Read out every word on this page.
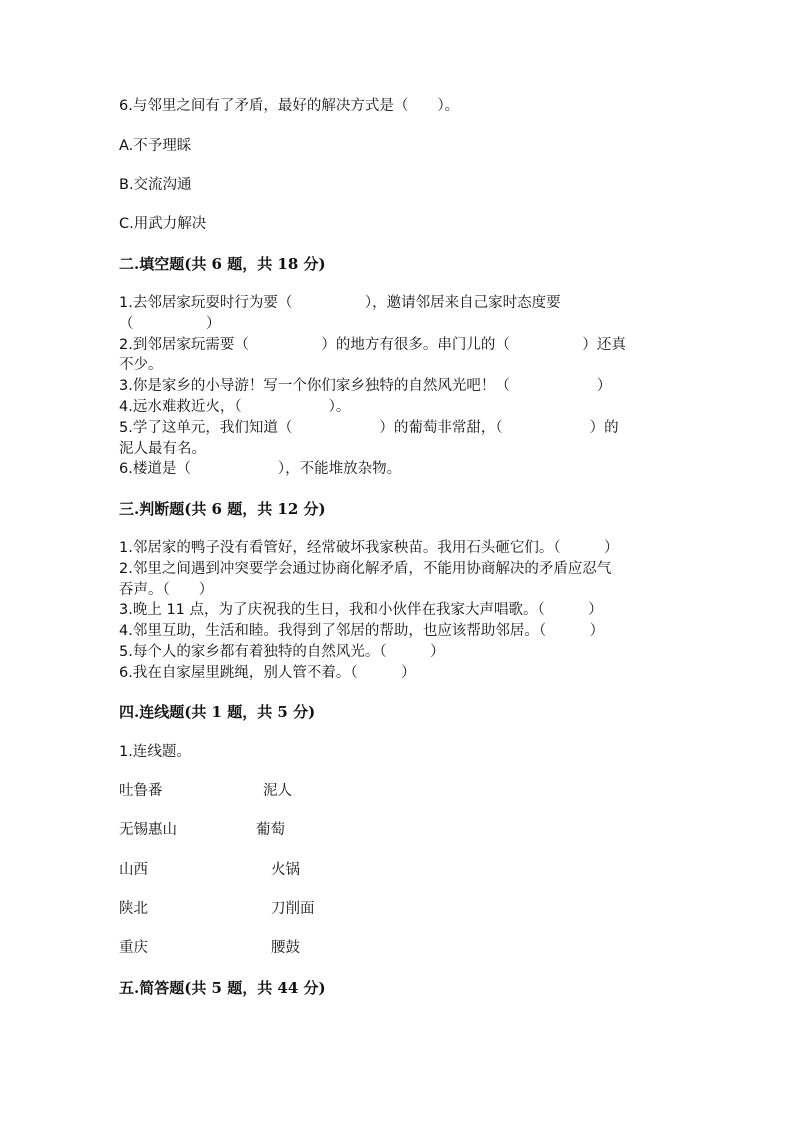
6.与邻里之间有了矛盾，最好的解决方式是（　　）。
A.不予理睬
B.交流沟通
C.用武力解决
二.填空题(共 6 题，共 18 分)
1.去邻居家玩耍时行为要（　　　　　），邀请邻居来自己家时态度要
（　　　　　）
2.到邻居家玩需要（　　　　　）的地方有很多。串门儿的（　　　　　）还真
不少。
3.你是家乡的小导游！写一个你们家乡独特的自然风光吧！（　　　　　　）
4.远水难救近火，（　　　　　　）。
5.学了这单元，我们知道（　　　　　　）的葡萄非常甜，（　　　　　　）的
泥人最有名。
6.楼道是（　　　　　　），不能堆放杂物。
三.判断题(共 6 题，共 12 分)
1.邻居家的鸭子没有看管好，经常破坏我家秧苗。我用石头砸它们。（　　　）
2.邻里之间遇到冲突要学会通过协商化解矛盾，不能用协商解决的矛盾应忍气
吞声。（　　）
3.晚上 11 点，为了庆祝我的生日，我和小伙伴在我家大声唱歌。（　　　）
4.邻里互助，生活和睦。我得到了邻居的帮助，也应该帮助邻居。（　　　）
5.每个人的家乡都有着独特的自然风光。（　　　）
6.我在自家屋里跳绳，别人管不着。（　　　）
四.连线题(共 1 题，共 5 分)
1.连线题。
吐鲁番	泥人
无锡惠山	葡萄
山西	火锅
陕北	刀削面
重庆	腰鼓
五.简答题(共 5 题，共 44 分)
